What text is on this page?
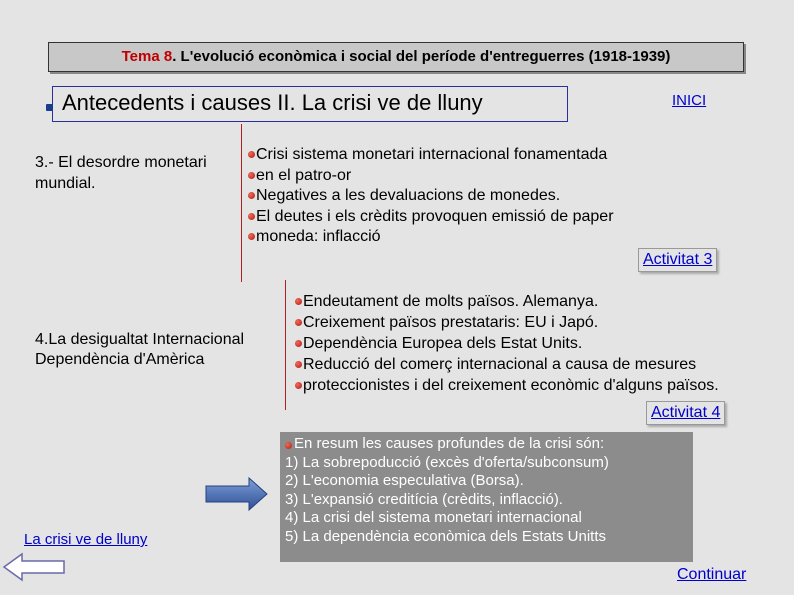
Tema 8. L'evolució econòmica i social del període d'entreguerres (1918-1939)
Antecedents i causes II. La crisi ve de lluny	INICI
3.- El desordre monetari mundial.
Crisi sistema monetari internacional fonamentada
en el patro-or
Negatives a les devaluacions de monedes.
El deutes i els crèdits provoquen emissió de paper
moneda: inflacció
Activitat 3
4.La desigualtat Internacional
Dependència d'Amèrica
Endeutament de molts països. Alemanya.
Creixement països prestataris: EU i Japó.
Dependència Europea dels Estat Units.
Reducció del comerç internacional a causa de mesures
proteccionistes i del creixement econòmic d'alguns països.
Activitat 4
En resum les causes profundes de la crisi són:
1) La sobrepoducció (excès d'oferta/subconsum)
2) L'economia especulativa (Borsa).
3) L'expansió creditícia (crèdits, inflacció).
4) La crisi del sistema monetari internacional
5) La dependència econòmica dels Estats Unitts
La crisi ve de lluny
Continuar
